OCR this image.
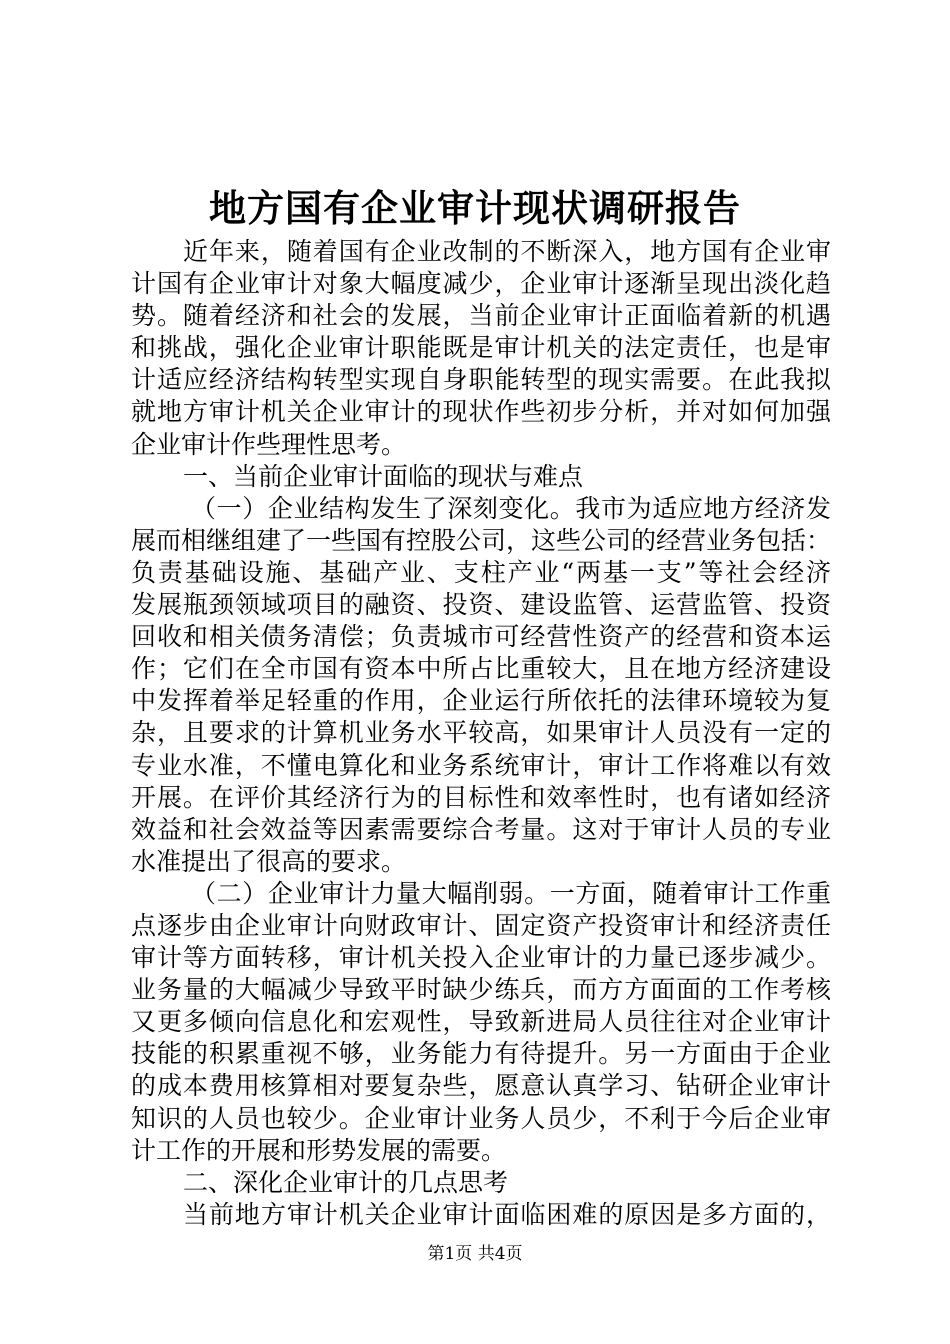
地方国有企业审计现状调研报告
近年来，随着国有企业改制的不断深入，地方国有企业审
计国有企业审计对象大幅度减少，企业审计逐渐呈现出淡化趋
势。随着经济和社会的发展，当前企业审计正面临着新的机遇
和挑战，强化企业审计职能既是审计机关的法定责任，也是审
计适应经济结构转型实现自身职能转型的现实需要。在此我拟
就地方审计机关企业审计的现状作些初步分析，并对如何加强
企业审计作些理性思考。
一、当前企业审计面临的现状与难点
（一）企业结构发生了深刻变化。我市为适应地方经济发
展而相继组建了一些国有控股公司，这些公司的经营业务包括：
负责基础设施、基础产业、支柱产业“两基一支”等社会经济
发展瓶颈领域项目的融资、投资、建设监管、运营监管、投资
回收和相关债务清偿；负责城市可经营性资产的经营和资本运
作；它们在全市国有资本中所占比重较大，且在地方经济建设
中发挥着举足轻重的作用，企业运行所依托的法律环境较为复
杂，且要求的计算机业务水平较高，如果审计人员没有一定的
专业水准，不懂电算化和业务系统审计，审计工作将难以有效
开展。在评价其经济行为的目标性和效率性时，也有诸如经济
效益和社会效益等因素需要综合考量。这对于审计人员的专业
水准提出了很高的要求。
（二）企业审计力量大幅削弱。一方面，随着审计工作重
点逐步由企业审计向财政审计、固定资产投资审计和经济责任
审计等方面转移，审计机关投入企业审计的力量已逐步减少。
业务量的大幅减少导致平时缺少练兵，而方方面面的工作考核
又更多倾向信息化和宏观性，导致新进局人员往往对企业审计
技能的积累重视不够，业务能力有待提升。另一方面由于企业
的成本费用核算相对要复杂些，愿意认真学习、钻研企业审计
知识的人员也较少。企业审计业务人员少，不利于今后企业审
计工作的开展和形势发展的需要。
二、深化企业审计的几点思考
当前地方审计机关企业审计面临困难的原因是多方面的，
第1页 共4页
